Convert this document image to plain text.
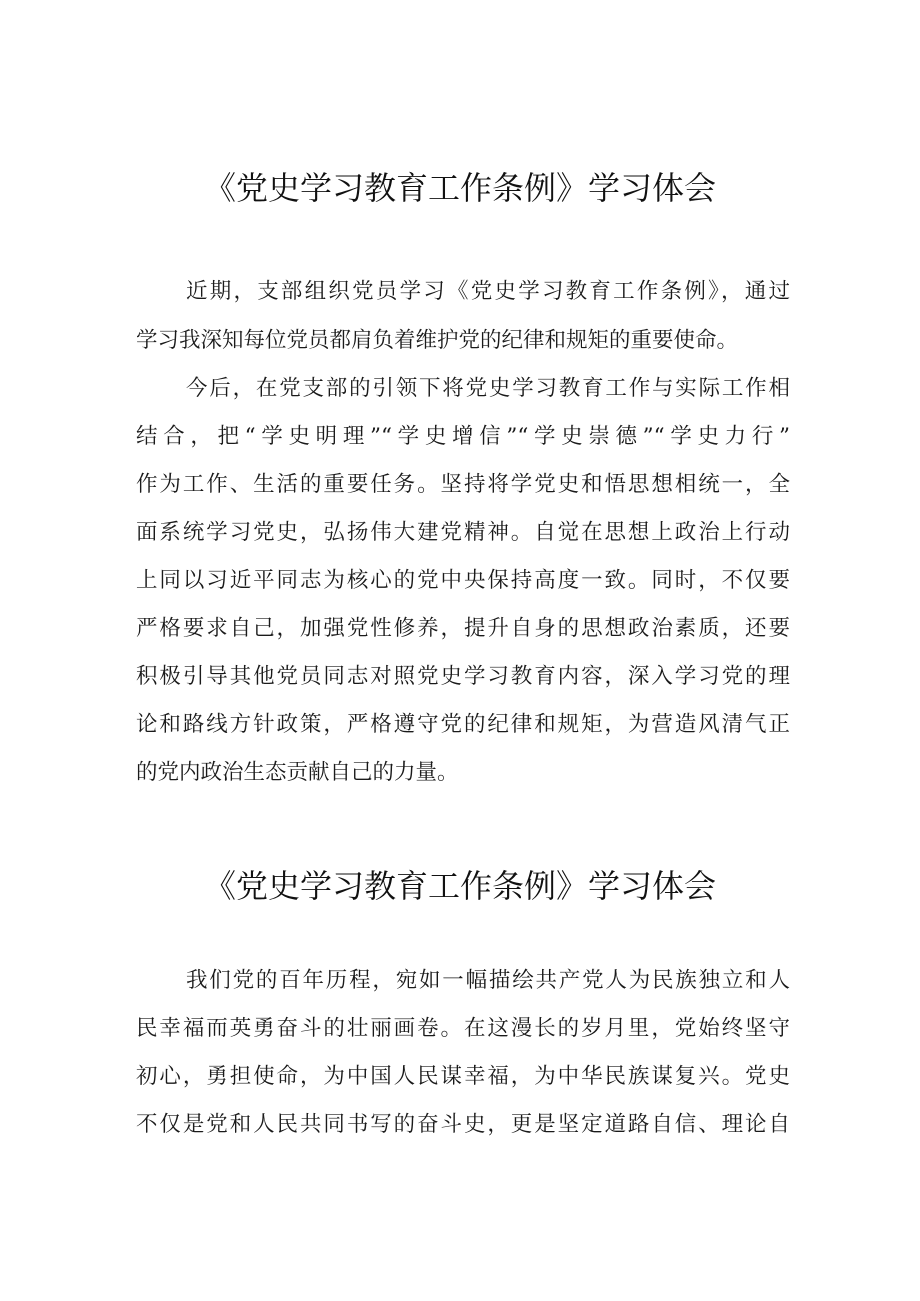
《党史学习教育工作条例》学习体会
近期，支部组织党员学习《党史学习教育工作条例》，通过
学习我深知每位党员都肩负着维护党的纪律和规矩的重要使命。
今后，在党支部的引领下将党史学习教育工作与实际工作相
结合，把“学史明理”“学史增信”“学史崇德”“学史力行”
作为工作、生活的重要任务。坚持将学党史和悟思想相统一，全
面系统学习党史，弘扬伟大建党精神。自觉在思想上政治上行动
上同以习近平同志为核心的党中央保持高度一致。同时，不仅要
严格要求自己，加强党性修养，提升自身的思想政治素质，还要
积极引导其他党员同志对照党史学习教育内容，深入学习党的理
论和路线方针政策，严格遵守党的纪律和规矩，为营造风清气正
的党内政治生态贡献自己的力量。
《党史学习教育工作条例》学习体会
我们党的百年历程，宛如一幅描绘共产党人为民族独立和人
民幸福而英勇奋斗的壮丽画卷。在这漫长的岁月里，党始终坚守
初心，勇担使命，为中国人民谋幸福，为中华民族谋复兴。党史
不仅是党和人民共同书写的奋斗史，更是坚定道路自信、理论自
